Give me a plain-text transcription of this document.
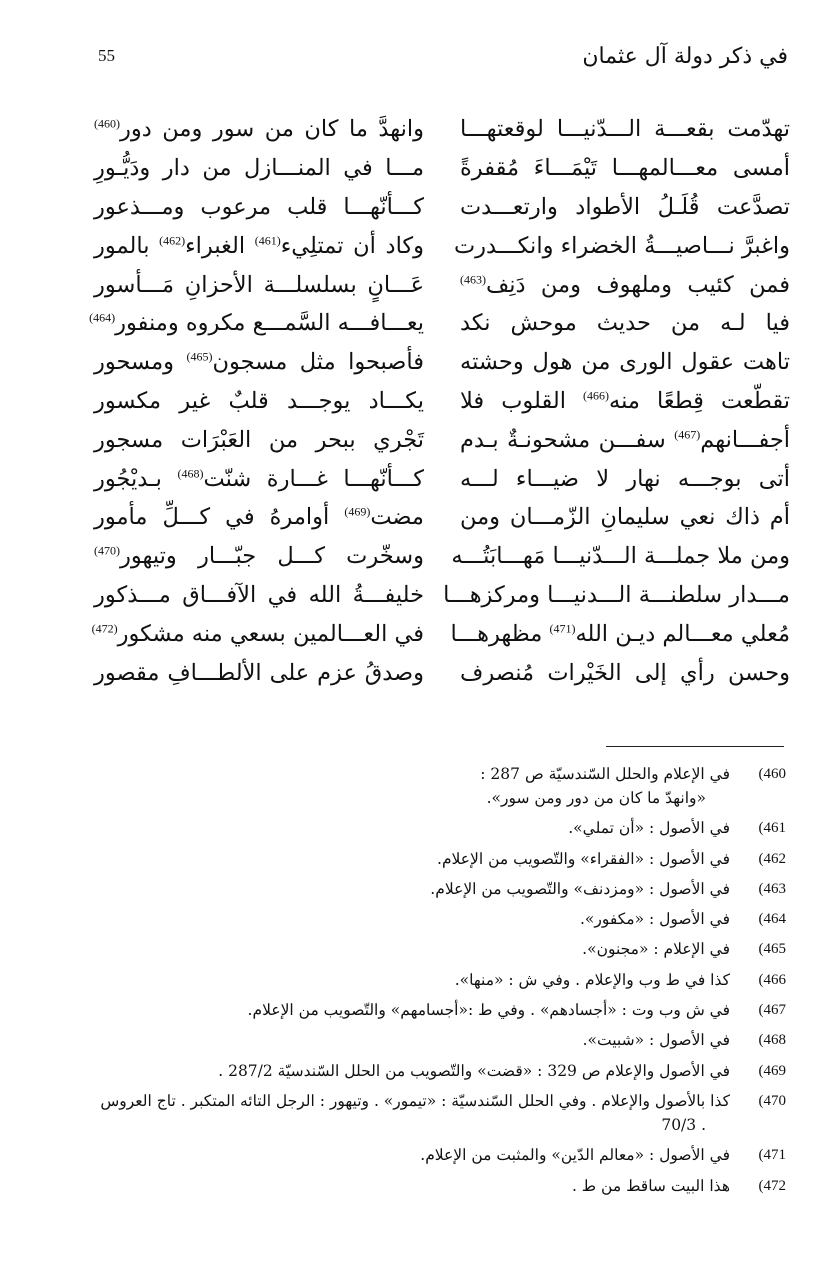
في ذكر دولة آل عثمان
55
تهدّمت بقعـــة الـــدّنيـــا لوقعتهـــا
وانهدَّ ما كان من سور ومن دور$^{(460)}$
أمسى معـــالمهـــا تَيْمَـــاءَ مُقفرةً
مـــا في المنـــازل من دار ودَيُّـورِ
تصدَّعت قُلَـلُ الأطواد وارتعـــدت
كـــأنّهـــا قلب مرعوب ومـــذعور
واغبرَّ نـــاصيـــةُ الخضراء وانكـــدرت
وكاد أن تمتلِيء$^{(461)}$ الغبراء$^{(462)}$ بالمور
فمن كئيب وملهوف ومن دَنِف$^{(463)}$
عَـــانٍ بسلسلـــة الأحزانِ مَـــأسور
فيا لـه من حديث موحش نكد
يعـــافـــه السَّمـــع مكروه ومنفور$^{(464)}$
تاهت عقول الورى من هول وحشته
فأصبحوا مثل مسجون$^{(465)}$ ومسحور
تقطّعت قِطعًا منه$^{(466)}$ القلوب فلا
يكـــاد يوجـــد قلبٌ غير مكسور
أجفـــانهم$^{(467)}$ سفـــن مشحونـةٌ بـدم
تَجْري ببحر من العَبْرَات مسجور
أتى بوجـــه نهار لا ضيـــاء لـــه
كـــأنّهـــا غـــارة شنّت$^{(468)}$ بـديْجُور
أم ذاك نعي سليمانِ الزّمـــان ومن
مضت$^{(469)}$ أوامرهُ في كـــلِّ مأمور
ومن ملا جملـــة الـــدّنيـــا مَهـــابَتُـــه
وسخّرت كـــل جبّـــار وتيهور$^{(470)}$
مـــدار سلطنـــة الـــدنيـــا ومركزهـــا
خليفـــةُ الله في الآفـــاق مـــذكور
مُعلي معـــالم ديـن الله$^{(471)}$ مظهرهـــا
في العـــالمين بسعي منه مشكور$^{(472)}$
وحسن رأي إلى الخَيْرات مُنصرف
وصدقُ عزم على الألطـــافِ مقصور
(460
في الإعلام والحلل السّندسيّة ص 287 :
«وانهدّ ما كان من دور ومن سور».
(461
في الأصول : «أن تملي».
(462
في الأصول : «الفقراء» والتّصويب من الإعلام.
(463
في الأصول : «ومزدنف» والتّصويب من الإعلام.
(464
في الأصول : «مكفور».
(465
في الإعلام : «مجنون».
(466
كذا في ط وب والإعلام . وفي ش : «منها».
(467
في ش وب وت : «أجسادهم» . وفي ط :«أجسامهم» والتّصويب من الإعلام.
(468
في الأصول : «شبيت».
(469
في الأصول والإعلام ص 329 : «قضت» والتّصويب من الحلل السّندسيّة 287/2 .
(470
كذا بالأصول والإعلام . وفي الحلل السّندسيّة : «تيمور» . وتيهور : الرجل التائه المتكبر . تاج العروس
. 70/3
(471
في الأصول : «معالم الدّين» والمثبت من الإعلام.
(472
هذا البيت ساقط من ط .
